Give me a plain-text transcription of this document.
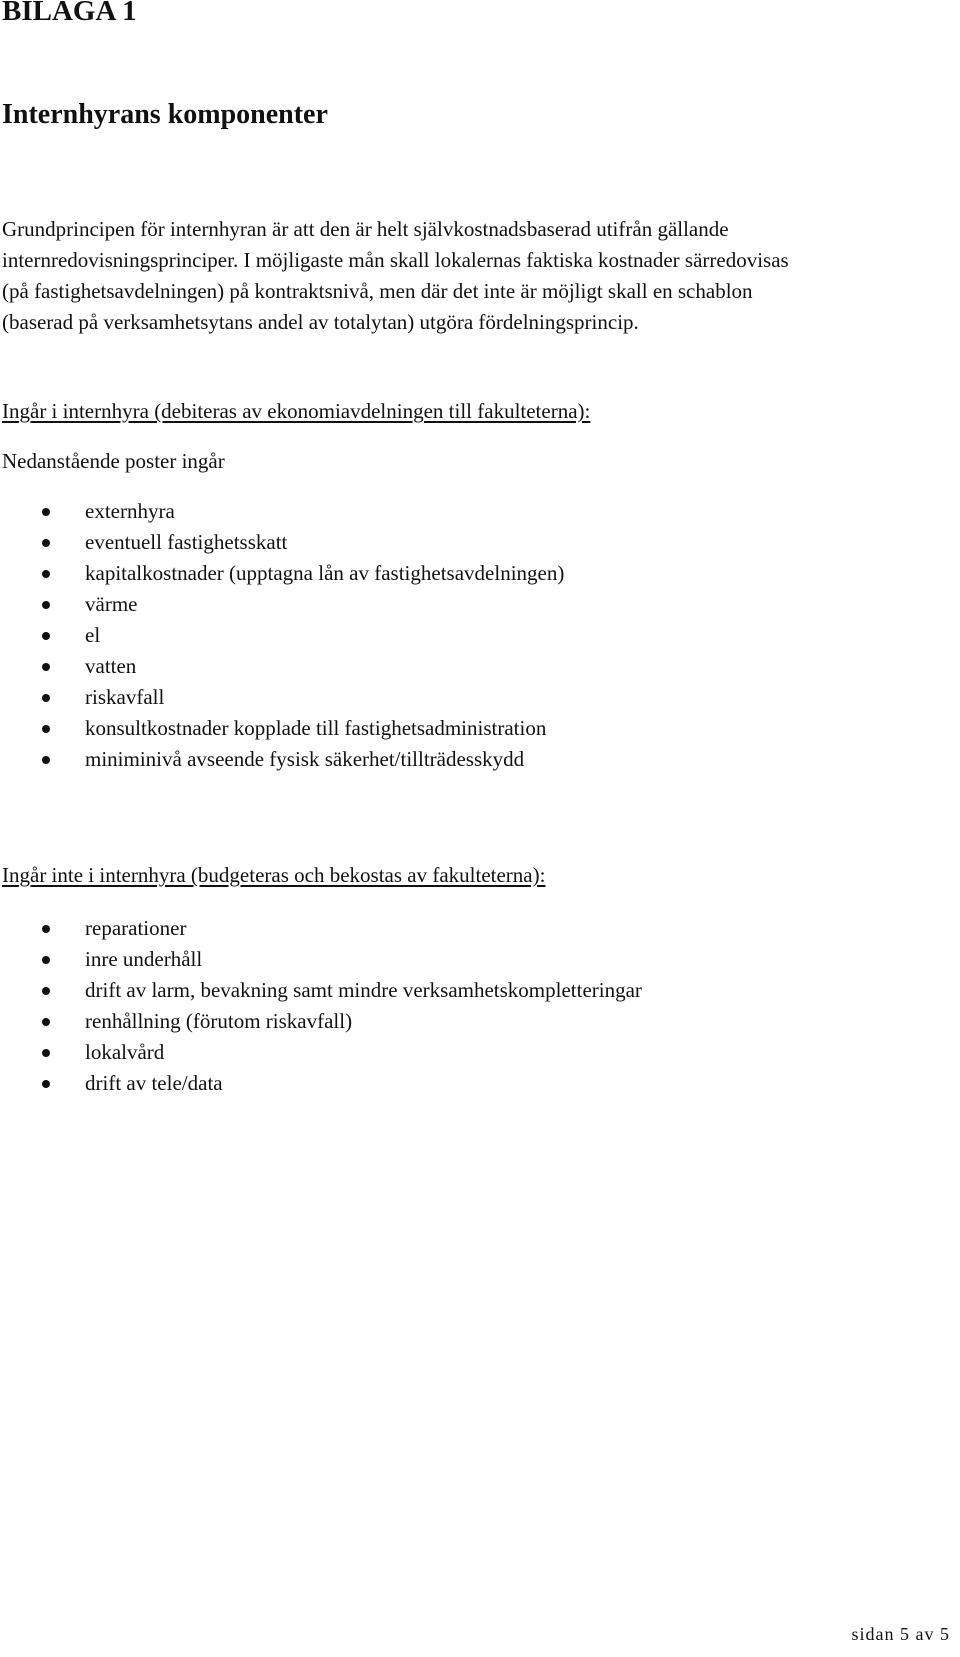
BILAGA 1
Internhyrans komponenter

Grundprincipen för internhyran är att den är helt självkostnadsbaserad utifrån gällande
internredovisningsprinciper. I möjligaste mån skall lokalernas faktiska kostnader särredovisas
(på fastighetsavdelningen) på kontraktsnivå, men där det inte är möjligt skall en schablon
(baserad på verksamhetsytans andel av totalytan) utgöra fördelningsprincip.

Ingår i internhyra (debiteras av ekonomiavdelningen till fakulteterna):

Nedanstående poster ingår

externhyra
eventuell fastighetsskatt
kapitalkostnader (upptagna lån av fastighetsavdelningen)
värme
el
vatten
riskavfall
konsultkostnader kopplade till fastighetsadministration
miniminivå avseende fysisk säkerhet/tillträdesskydd

Ingår inte i internhyra (budgeteras och bekostas av fakulteterna):

reparationer
inre underhåll
drift av larm, bevakning samt mindre verksamhetskompletteringar
renhållning (förutom riskavfall)
lokalvård
drift av tele/data
sidan 5 av 5
